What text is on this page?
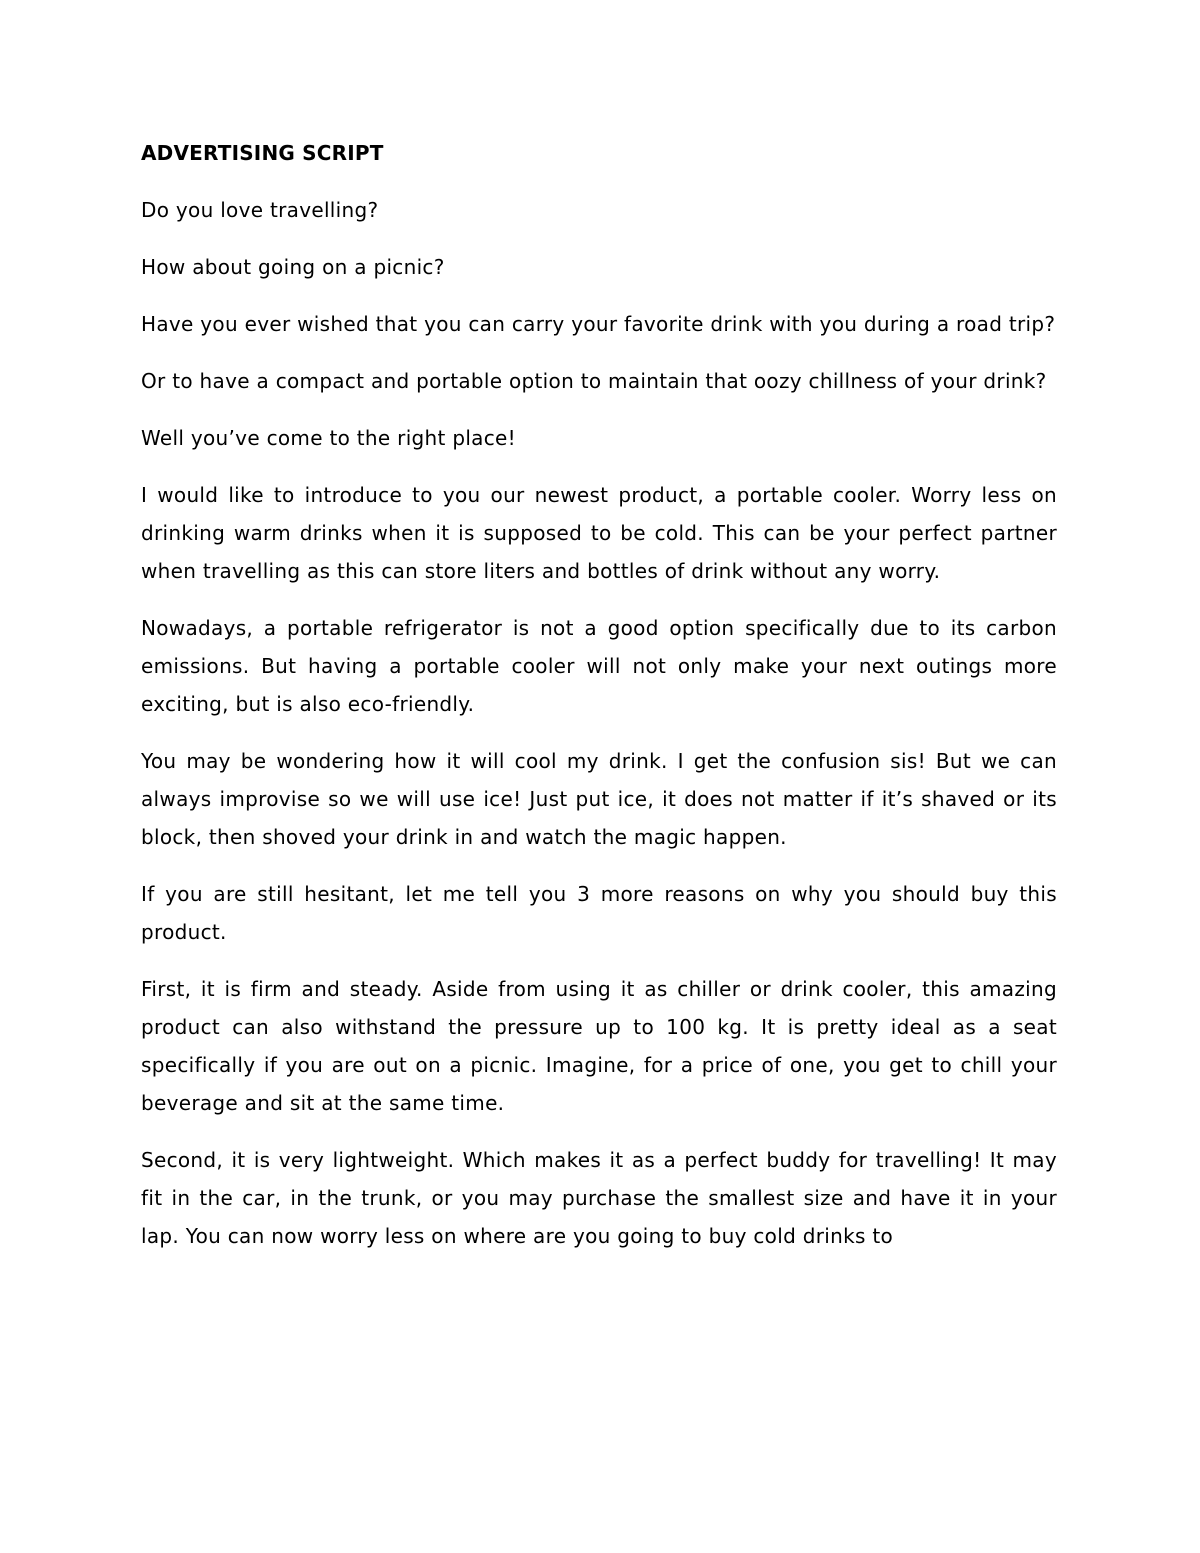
ADVERTISING SCRIPT

Do you love travelling?

How about going on a picnic?

Have you ever wished that you can carry your favorite drink with you during a road trip?

Or to have a compact and portable option to maintain that oozy chillness of your drink?

Well you’ve come to the right place!

I would like to introduce to you our newest product, a portable cooler. Worry less on drinking warm drinks when it is supposed to be cold. This can be your perfect partner when travelling as this can store liters and bottles of drink without any worry.

Nowadays, a portable refrigerator is not a good option specifically due to its carbon emissions. But having a portable cooler will not only make your next outings more exciting, but is also eco-friendly.

You may be wondering how it will cool my drink. I get the confusion sis! But we can always improvise so we will use ice! Just put ice, it does not matter if it’s shaved or its block, then shoved your drink in and watch the magic happen.

If you are still hesitant, let me tell you 3 more reasons on why you should buy this product.

First, it is firm and steady. Aside from using it as chiller or drink cooler, this amazing product can also withstand the pressure up to 100 kg. It is pretty ideal as a seat specifically if you are out on a picnic. Imagine, for a price of one, you get to chill your beverage and sit at the same time.

Second, it is very lightweight. Which makes it as a perfect buddy for travelling! It may fit in the car, in the trunk, or you may purchase the smallest size and have it in your lap. You can now worry less on where are you going to buy cold drinks to
